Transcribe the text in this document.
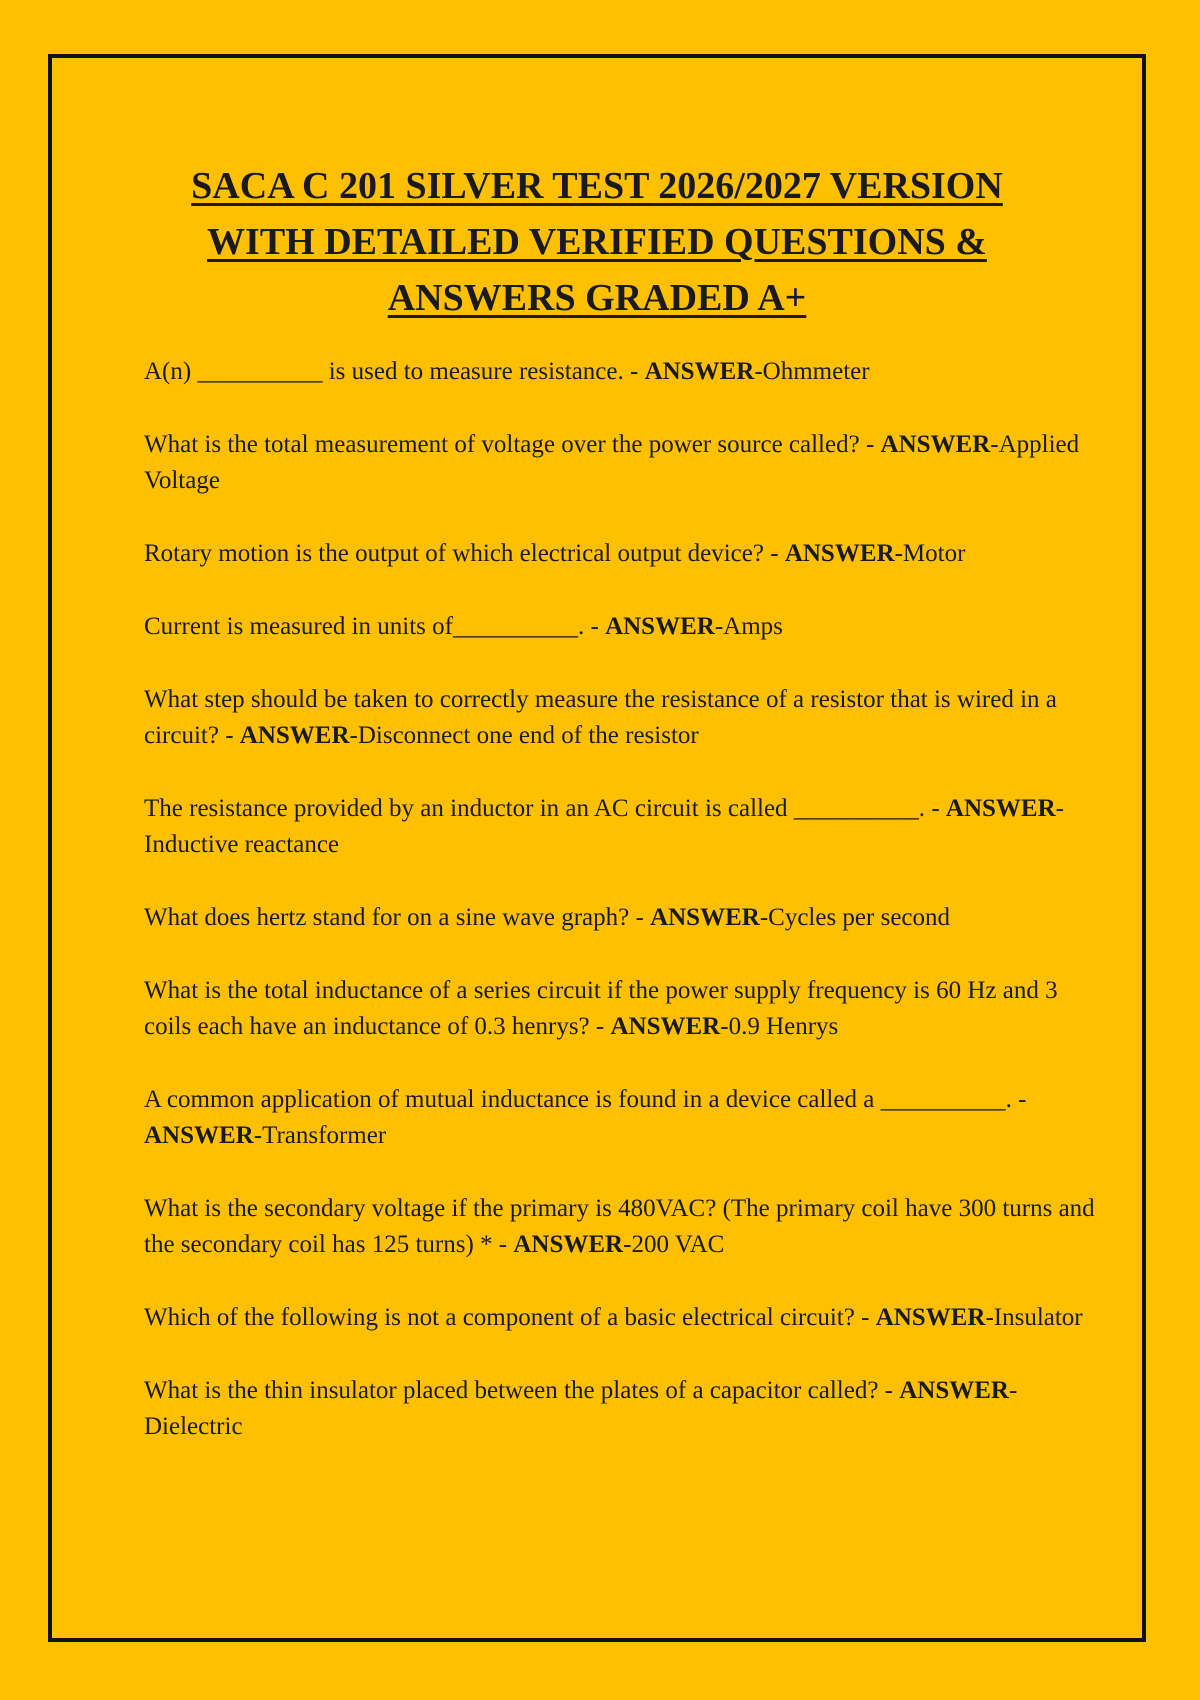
SACA C 201 SILVER TEST 2026/2027 VERSION
WITH DETAILED VERIFIED QUESTIONS &
ANSWERS GRADED A+
A(n) __________ is used to measure resistance. - ANSWER-Ohmmeter
What is the total measurement of voltage over the power source called? - ANSWER-Applied Voltage
Rotary motion is the output of which electrical output device? - ANSWER-Motor
Current is measured in units of__________. - ANSWER-Amps
What step should be taken to correctly measure the resistance of a resistor that is wired in a circuit? - ANSWER-Disconnect one end of the resistor
The resistance provided by an inductor in an AC circuit is called __________. - ANSWER-Inductive reactance
What does hertz stand for on a sine wave graph? - ANSWER-Cycles per second
What is the total inductance of a series circuit if the power supply frequency is 60 Hz and 3 coils each have an inductance of 0.3 henrys? - ANSWER-0.9 Henrys
A common application of mutual inductance is found in a device called a __________. - ANSWER-Transformer
What is the secondary voltage if the primary is 480VAC? (The primary coil have 300 turns and the secondary coil has 125 turns) * - ANSWER-200 VAC
Which of the following is not a component of a basic electrical circuit? - ANSWER-Insulator
What is the thin insulator placed between the plates of a capacitor called? - ANSWER-Dielectric
